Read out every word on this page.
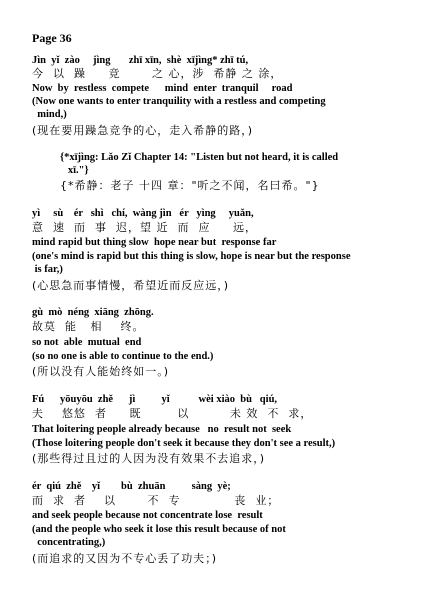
Page 36
Jìn  yǐ  zào     jìng       zhī xīn,  shè  xījìng* zhī tú,
今  以  躁     竞       之 心，涉  希静 之 涂，
Now  by  restless  compete      mind  enter  tranquil     road
(Now one wants to enter tranquility with a restless and competing
mind,)
(现在要用躁急竞争的心，走入希静的路，)
{*xījìng: Lǎo Zǐ Chapter 14: "Listen but not heard, it is called
xī."}
{*希静：老子 十四 章："听之不闻，名曰希。"}
yì     sù    ér   shì   chí,  wàng jìn   ér   yìng     yuǎn,
意  速  而  事  迟，望 近  而  应     远，
mind rapid but thing slow  hope near but  response far
(one's mind is rapid but this thing is slow, hope is near but the response
is far,)
(心思急而事情慢，希望近而反应远，)
gù  mò  néng  xiāng  zhōng.
故莫  能   相    终。
so not  able  mutual  end
(so no one is able to continue to the end.)
(所以没有人能始终如一。)
Fú      yōuyōu  zhě      jì          yǐ           wèi xiào  bù   qiú,
夫    悠悠  者     既        以         未 效  不  求，
That loitering people already because   no  result not  seek
(Those loitering people don't seek it because they don't see a result,)
(那些得过且过的人因为没有效果不去追求，)
ér  qiú  zhě    yǐ        bù  zhuān          sàng  yè;
而  求  者    以       不  专            丧  业；
and seek people because not concentrate lose  result
(and the people who seek it lose this result because of not
concentrating,)
(而追求的又因为不专心丢了功夫；)
